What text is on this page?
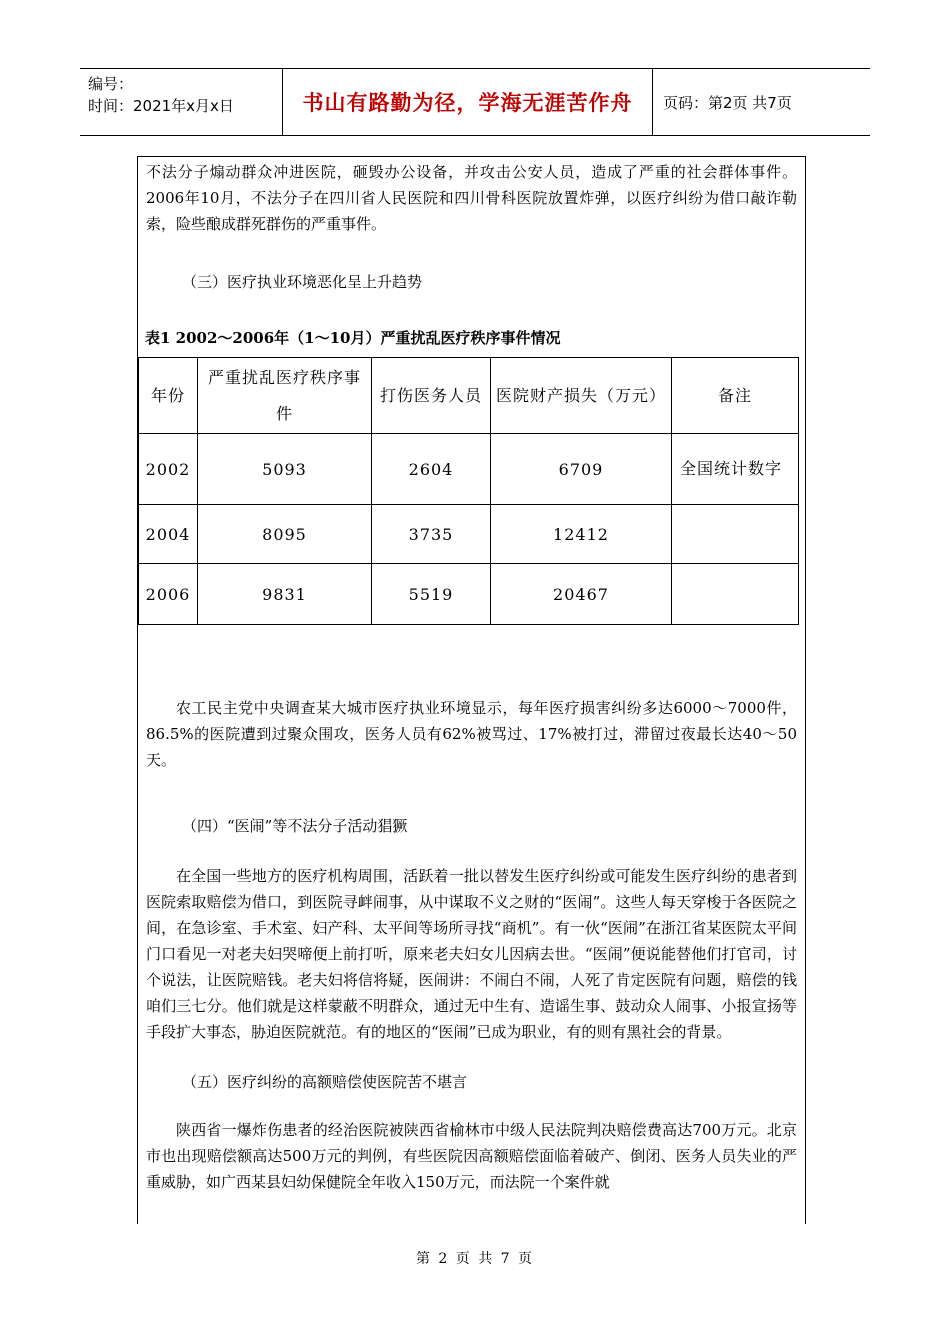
编号：
时间：2021年x月x日	书山有路勤为径，学海无涯苦作舟	页码：第2页 共7页

不法分子煽动群众冲进医院，砸毁办公设备，并攻击公安人员，造成了严重的社会群体事件。2006年10月，不法分子在四川省人民医院和四川骨科医院放置炸弹，以医疗纠纷为借口敲诈勒索，险些酿成群死群伤的严重事件。

（三）医疗执业环境恶化呈上升趋势

表1 2002～2006年（1～10月）严重扰乱医疗秩序事件情况

年份	严重扰乱医疗秩序事件	打伤医务人员	医院财产损失（万元）	备注
2002	5093	2604	6709	全国统计数字
2004	8095	3735	12412	
2006	9831	5519	20467	

农工民主党中央调查某大城市医疗执业环境显示，每年医疗损害纠纷多达6000～7000件，86.5%的医院遭到过聚众围攻，医务人员有62%被骂过、17%被打过，滞留过夜最长达40～50天。

（四）“医闹”等不法分子活动猖獗

在全国一些地方的医疗机构周围，活跃着一批以替发生医疗纠纷或可能发生医疗纠纷的患者到医院索取赔偿为借口，到医院寻衅闹事，从中谋取不义之财的“医闹”。这些人每天穿梭于各医院之间，在急诊室、手术室、妇产科、太平间等场所寻找“商机”。有一伙“医闹”在浙江省某医院太平间门口看见一对老夫妇哭啼便上前打听，原来老夫妇女儿因病去世。“医闹”便说能替他们打官司，讨个说法，让医院赔钱。老夫妇将信将疑，医闹讲：不闹白不闹，人死了肯定医院有问题，赔偿的钱咱们三七分。他们就是这样蒙蔽不明群众，通过无中生有、造谣生事、鼓动众人闹事、小报宣扬等手段扩大事态，胁迫医院就范。有的地区的“医闹”已成为职业，有的则有黑社会的背景。

（五）医疗纠纷的高额赔偿使医院苦不堪言

陕西省一爆炸伤患者的经治医院被陕西省榆林市中级人民法院判决赔偿费高达700万元。北京市也出现赔偿额高达500万元的判例，有些医院因高额赔偿面临着破产、倒闭、医务人员失业的严重威胁，如广西某县妇幼保健院全年收入150万元，而法院一个案件就

第 2 页 共 7 页
